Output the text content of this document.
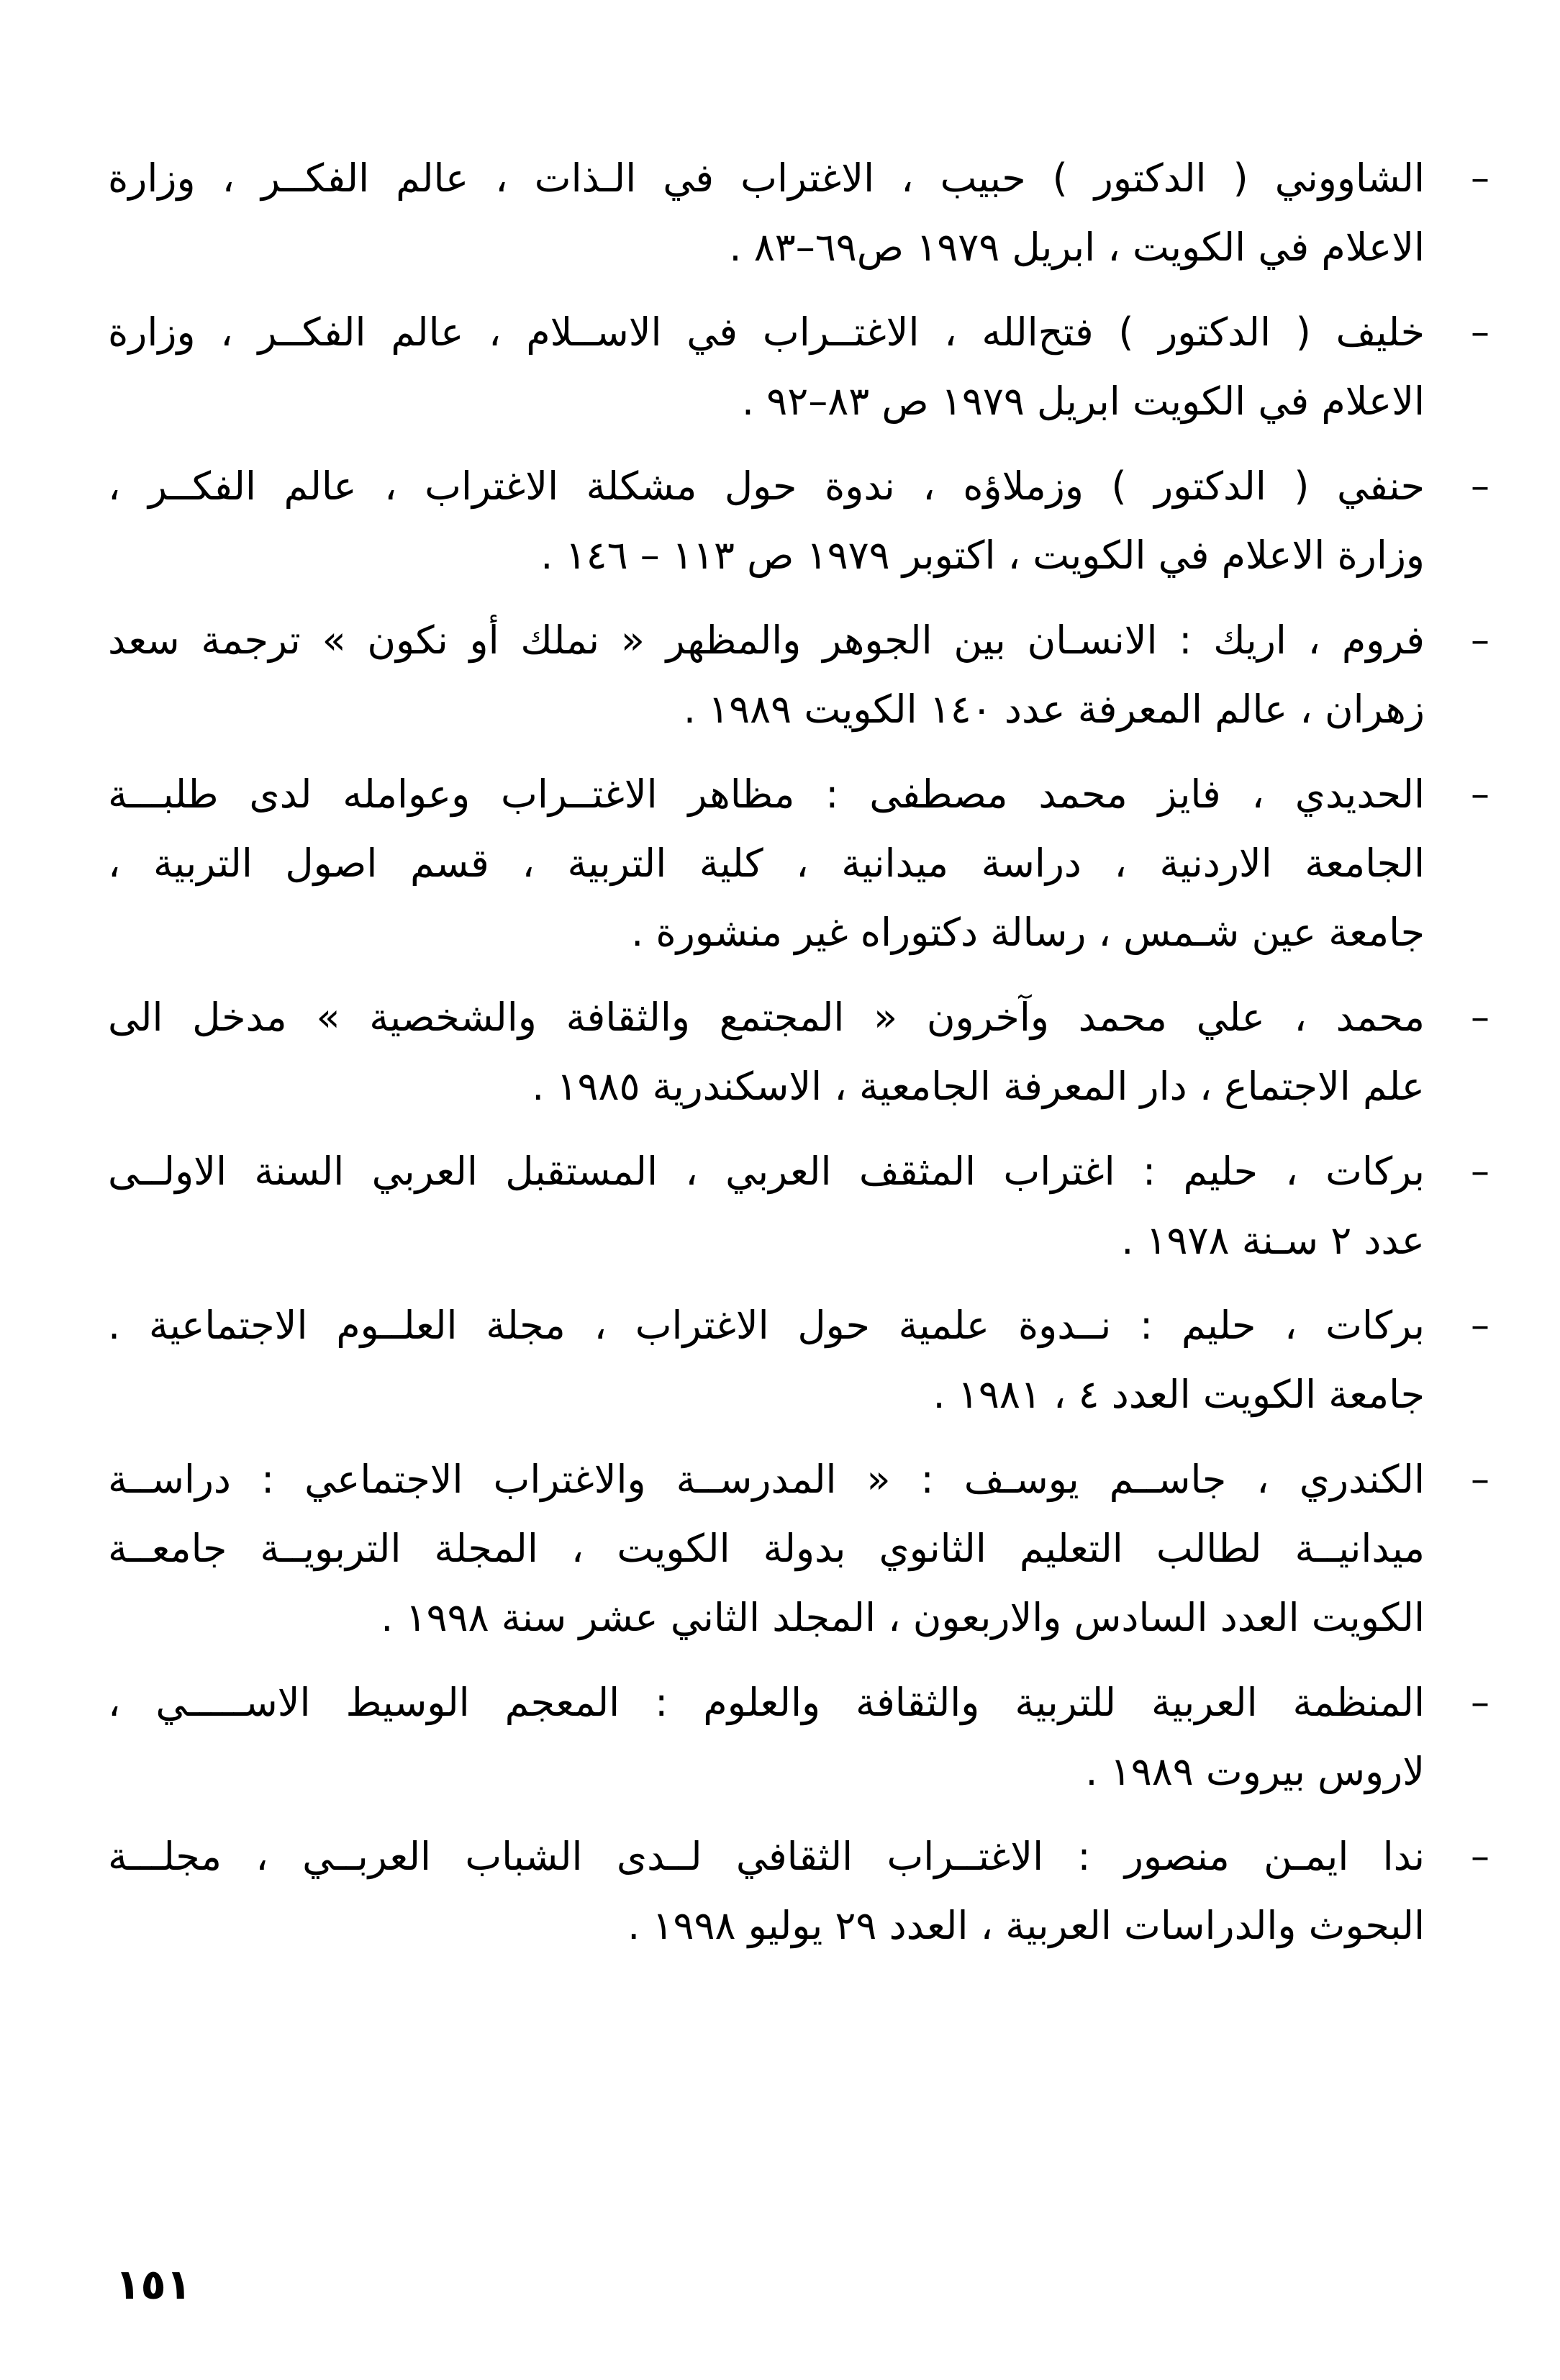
–
الشاووني ( الدكتور ) حبيب ، الاغتراب في الـذات ، عالم الفكــر ، وزارة
الاعلام في الكويت ، ابريل ١٩٧٩ ص٦٩–٨٣ .
–
خليف ( الدكتور ) فتح‌الله ، الاغتــراب في الاســلام ، عالم الفكــر ، وزارة
الاعلام في الكويت ابريل ١٩٧٩ ص ٨٣–٩٢ .
–
حنفي ( الدكتور ) وزملاؤه ، ندوة حول مشكلة الاغتراب ، عالم الفكــر ،
وزارة الاعلام في الكويت ، اكتوبر ١٩٧٩ ص ١١٣ – ١٤٦ .
–
فروم ، اريك : الانسـان بين الجوهر والمظهر « نملك أو نكون » ترجمة سعد
زهران ، عالم المعرفة عدد ١٤٠ الكويت ١٩٨٩ .
–
الحديدي ، فايز محمد مصطفى : مظاهر الاغتــراب وعوامله لدى طلبـــة
الجامعة الاردنية ، دراسة ميدانية ، كلية التربية ، قسم اصول التربية ،
جامعة عين شـمس ، رسالة دكتوراه غير منشورة .
–
محمد ، علي محمد وآخرون « المجتمع والثقافة والشخصية » مدخل الى
علم الاجتماع ، دار المعرفة الجامعية ، الاسكندرية ١٩٨٥ .
–
بركات ، حليم : اغتراب المثقف العربي ، المستقبل العربي السنة الاولــى
عدد ٢ سـنة ١٩٧٨ .
–
بركات ، حليم : نــدوة علمية حول الاغتراب ، مجلة العلــوم الاجتماعية .
جامعة الكويت العدد ٤ ، ١٩٨١ .
–
الكندري ، جاســم يوسـف : « المدرســة والاغتراب الاجتماعي : دراســة
ميدانيــة لطالب التعليم الثانوي بدولة الكويت ، المجلة التربويــة جامعــة
الكويت العدد السادس والاربعون ، المجلد الثاني عشر سنة ١٩٩٨ .
–
المنظمة العربية للتربية والثقافة والعلوم : المعجم الوسيط الاســـــي ،
لاروس بيروت ١٩٨٩ .
–
ندا ايمـن منصور : الاغتــراب الثقافي لــدى الشباب العربــي ، مجلـــة
البحوث والدراسات العربية ، العدد ٢٩ يوليو ١٩٩٨ .
١٥١
